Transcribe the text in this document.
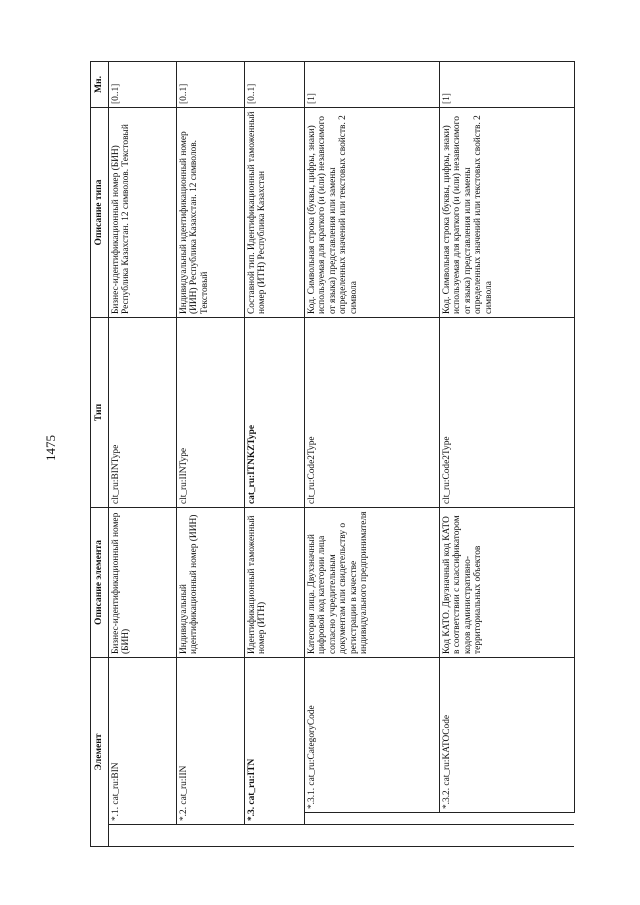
1475
Элемент			Описание элемента	Тип	Описание типа	Мн.
	*.1. cat_ru:BIN		Бизнес-идентификационный номер (БИН)	clt_ru:BINType	Бизнес-идентификационный номер (БИН) Республика Казахстан. 12 символов. Текстовый	[0..1]
	*.2. cat_ru:IIN		Индивидуальный идентификационный номер (ИИН)	clt_ru:IINType	Индивидуальный идентификационный номер (ИИН) Республика Казахстан. 12 символов. Текстовый	[0..1]
	*.3. cat_ru:ITN		Идентификационный таможенный номер (ИТН)	cat_ru:ITNKZType	Составной тип. Идентификационный таможенный номер (ИТН) Республика Казахстан	[0..1]
		*.3.1. cat_ru:CategoryCode	Категория лица. Двухзначный цифровой код категории лица согласно учредительным документам или свидетельству о регистрации в качестве индивидуального предпринимателя	clt_ru:Code2Type	Код. Символьная строка (буквы, цифры, знаки) используемая для краткого (и (или) независимого от языка) представления или замены определенных значений или текстовых свойств. 2 символа	[1]
		*.3.2. cat_ru:KATOCode	Код КАТО. Двузначный код КАТО в соответствии с классификатором кодов административно-территориальных объектов	clt_ru:Code2Type	Код. Символьная строка (буквы, цифры, знаки) используемая для краткого (и (или) независимого от языка) представления или замены определенных значений или текстовых свойств. 2 символа	[1]
